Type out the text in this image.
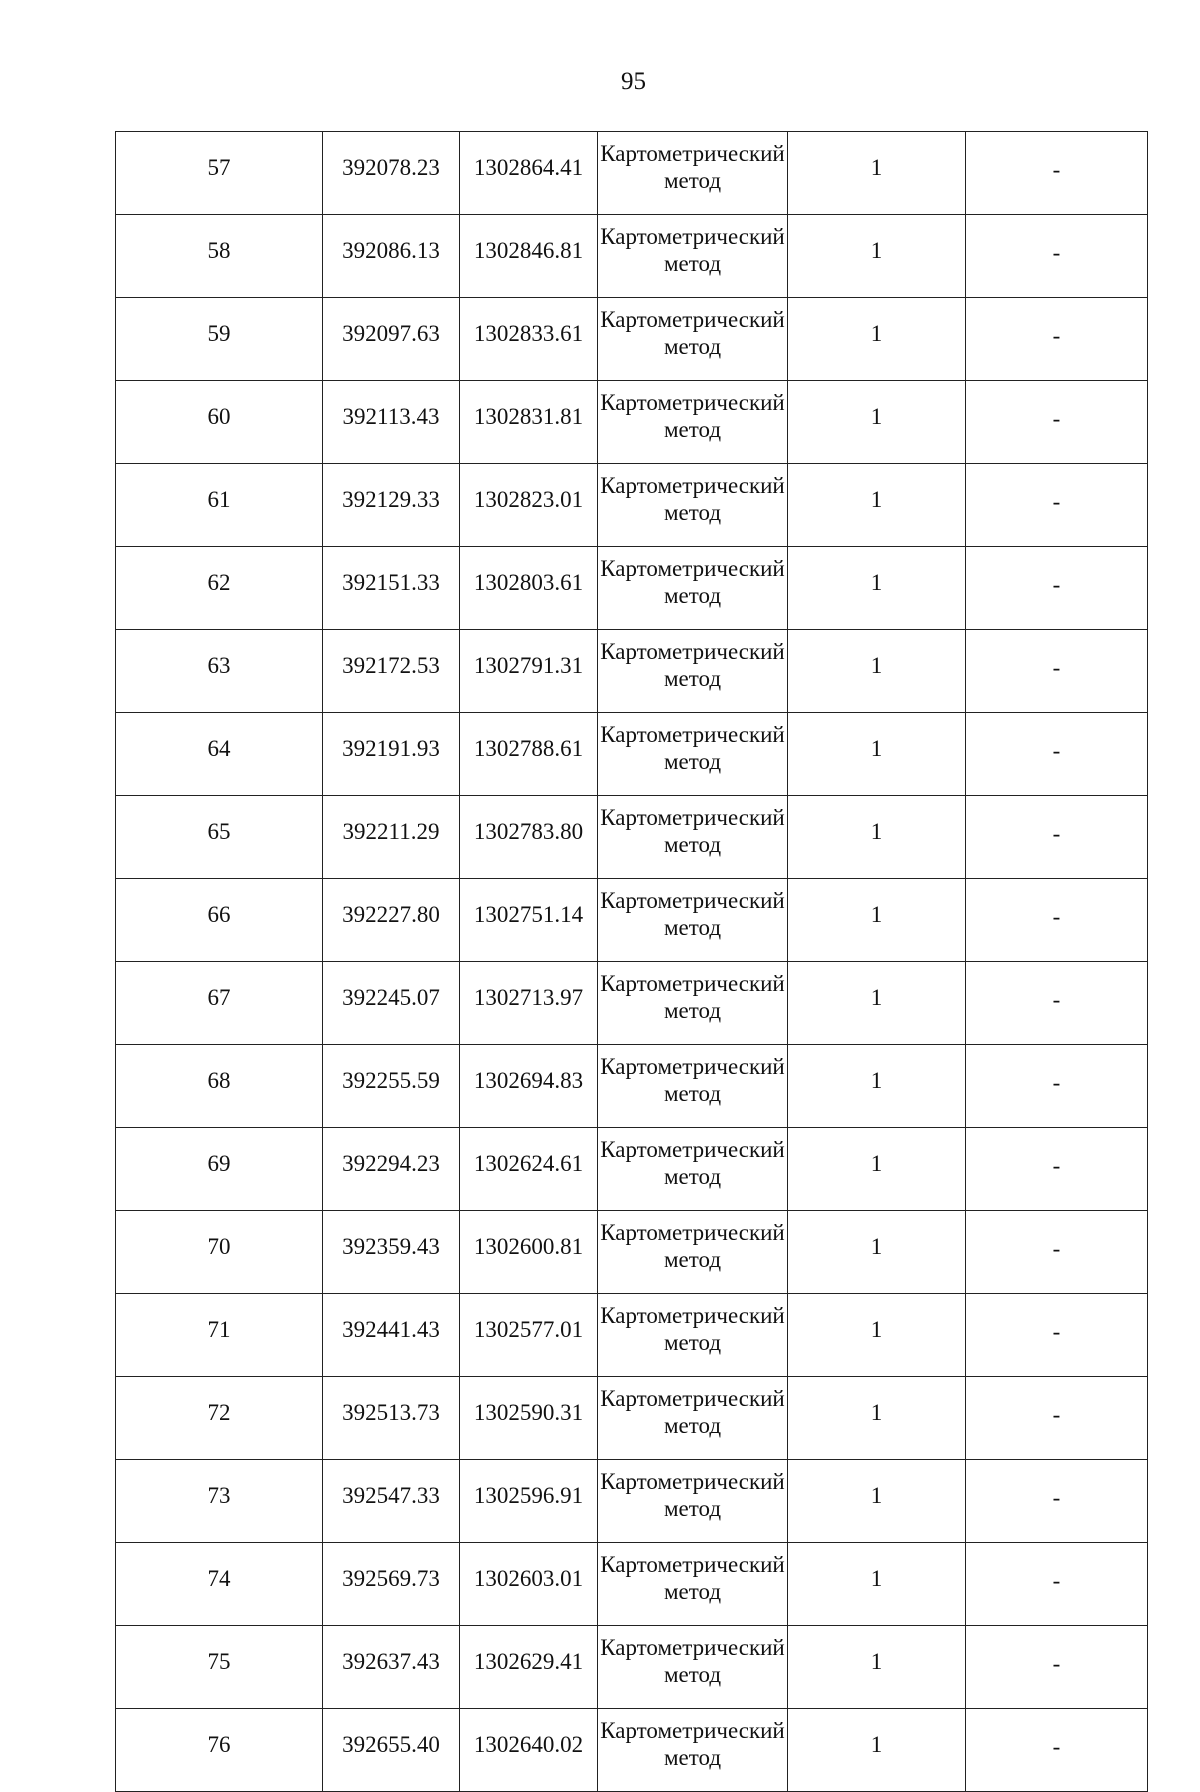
95
57	392078.23	1302864.41	Картометрический метод	1	-
58	392086.13	1302846.81	Картометрический метод	1	-
59	392097.63	1302833.61	Картометрический метод	1	-
60	392113.43	1302831.81	Картометрический метод	1	-
61	392129.33	1302823.01	Картометрический метод	1	-
62	392151.33	1302803.61	Картометрический метод	1	-
63	392172.53	1302791.31	Картометрический метод	1	-
64	392191.93	1302788.61	Картометрический метод	1	-
65	392211.29	1302783.80	Картометрический метод	1	-
66	392227.80	1302751.14	Картометрический метод	1	-
67	392245.07	1302713.97	Картометрический метод	1	-
68	392255.59	1302694.83	Картометрический метод	1	-
69	392294.23	1302624.61	Картометрический метод	1	-
70	392359.43	1302600.81	Картометрический метод	1	-
71	392441.43	1302577.01	Картометрический метод	1	-
72	392513.73	1302590.31	Картометрический метод	1	-
73	392547.33	1302596.91	Картометрический метод	1	-
74	392569.73	1302603.01	Картометрический метод	1	-
75	392637.43	1302629.41	Картометрический метод	1	-
76	392655.40	1302640.02	Картометрический метод	1	-
